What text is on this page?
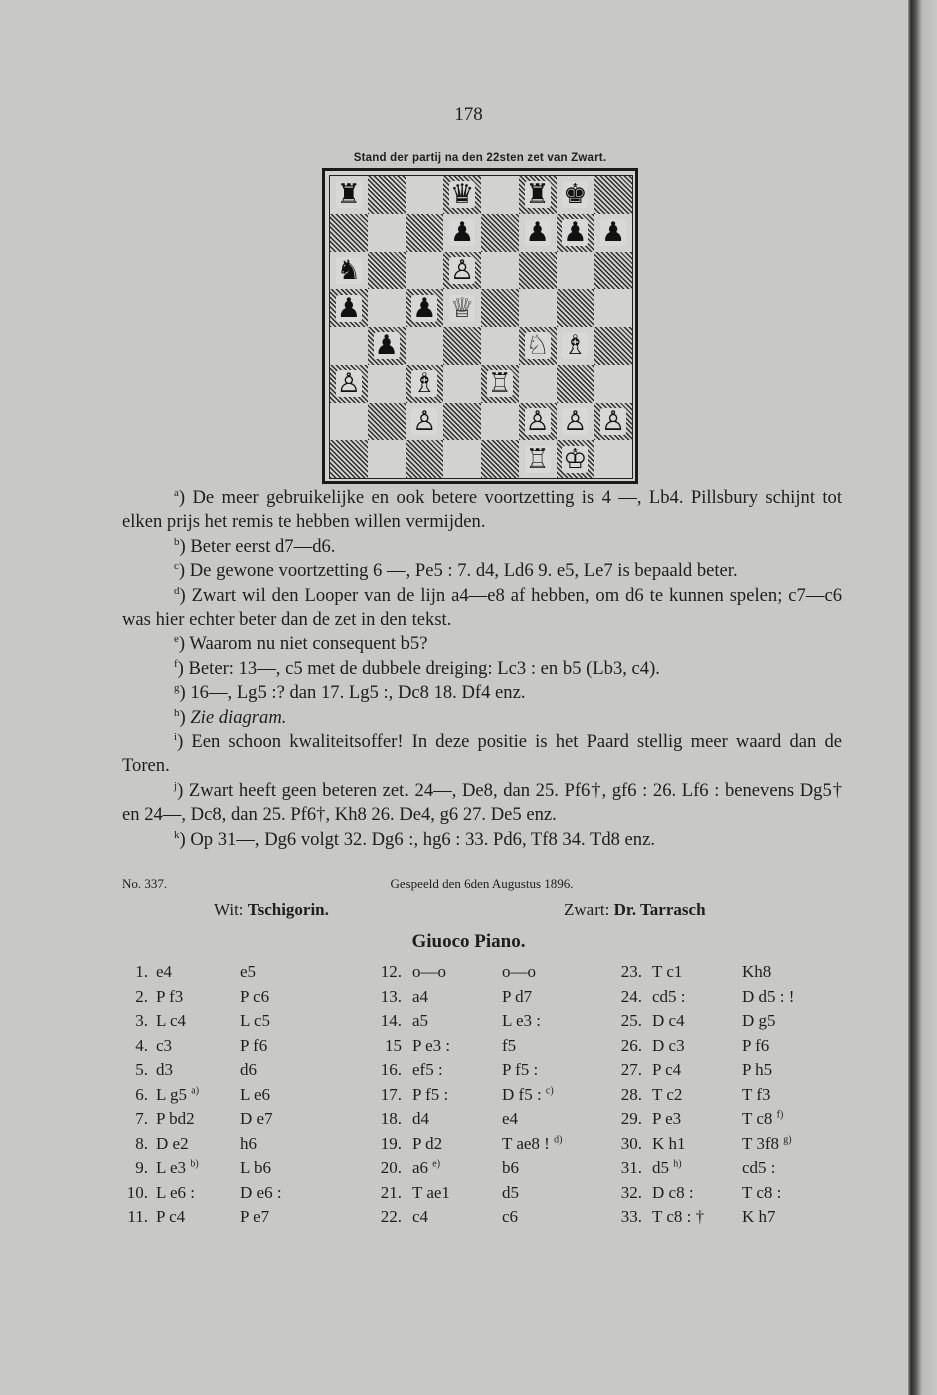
178
Stand der partij na den 22sten zet van Zwart.
♜	♛ ♜ ♚
♟ ♟ ♟ ♟
♞	♙
♟ ♟ ♕
♟	♘ ♗
♙ ♗ ♖
♙	♙ ♙ ♙
♖ ♔

$^a$) De meer gebruikelijke en ook betere voortzetting is 4 —, Lb4. Pillsbury schijnt tot elken prijs het remis te hebben willen vermijden.

$^b$) Beter eerst d7—d6.

$^c$) De gewone voortzetting 6 —, Pe5 : 7. d4, Ld6 9. e5, Le7 is bepaald beter.

$^d$) Zwart wil den Looper van de lijn a4—e8 af hebben, om d6 te kunnen spelen; c7—c6 was hier echter beter dan de zet in den tekst.

$^e$) Waarom nu niet consequent b5?

$^f$) Beter: 13—, c5 met de dubbele dreiging: Lc3 : en b5 (Lb3, c4).

$^g$) 16—, Lg5 :? dan 17. Lg5 :, Dc8 18. Df4 enz.

$^h$) Zie diagram.

$^i$) Een schoon kwaliteitsoffer! In deze positie is het Paard stellig meer waard dan de Toren.

$^j$) Zwart heeft geen beteren zet. 24—, De8, dan 25. Pf6†, gf6 : 26. Lf6 : benevens Dg5† en 24—, Dc8, dan 25. Pf6†, Kh8 26. De4, g6 27. De5 enz.

$^k$) Op 31—, Dg6 volgt 32. Dg6 :, hg6 : 33. Pd6, Tf8 34. Td8 enz.

No. 337.	Gespeeld den 6den Augustus 1896.
Wit: Tschigorin.	Zwart: Dr. Tarrasch
Giuoco Piano.
1. e4	e5
2. P f3	P c6
3. L c4	L c5
4. c3	P f6
5. d3	d6
6. L g5 $^{a)}$ L e6
7. P bd2	D e7
8. D e2	h6
9. L e3 $^{b)}$ L b6
10. L e6 :	D e6 :
11. P c4	P e7
12. o—o	o—o
13. a4	P d7
14. a5	L e3 :
15 P e3 :	f5
16. ef5 :	P f5 :
17. P f5 :	D f5 : $^{c)}$
18. d4	e4
19. P d2	T ae8 ! $^{d)}$
20. a6 $^{e)}$	b6
21. T ae1	d5
22. c4	c6
23. T c1	Kh8
24. cd5 :	D d5 : !
25. D c4	D g5
26. D c3	P f6
27. P c4	P h5
28. T c2	T f3
29. P e3	T c8 $^{f)}$
30. K h1	T 3f8 $^{g)}$
31. d5 $^{h)}$	cd5 :
32. D c8 :	T c8 :
33. T c8 : † K h7
